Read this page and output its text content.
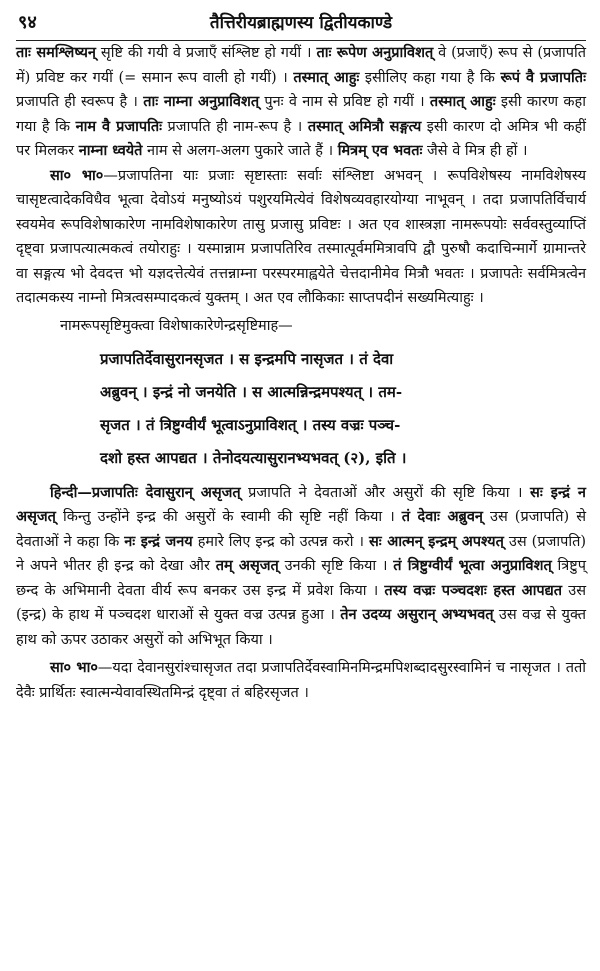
९४	तैत्तिरीयब्राह्मणस्य द्वितीयकाण्डे

ताः समश्लिष्यन् सृष्टि की गयी वे प्रजाएँ संश्लिष्ट हो गयीं । ताः रूपेण अनुप्राविशत् वे (प्रजाएँ) रूप से (प्रजापति में) प्रविष्ट कर गयीं (= समान रूप वाली हो गयीं) । तस्मात् आहुः इसीलिए कहा गया है कि रूपं वै प्रजापतिः प्रजापति ही स्वरूप है । ताः नाम्ना अनुप्राविशत् पुनः वे नाम से प्रविष्ट हो गयीं । तस्मात् आहुः इसी कारण कहा गया है कि नाम वै प्रजापतिः प्रजापति ही नाम-रूप है । तस्मात् अमित्रौ सङ्गत्य इसी कारण दो अमित्र भी कहीं पर मिलकर नाम्ना ध्वयेते नाम से अलग-अलग पुकारे जाते हैं । मित्रम् एव भवतः जैसे वे मित्र ही हों ।

सा० भा०—प्रजापतिना याः प्रजाः सृष्टास्ताः सर्वाः संश्लिष्टा अभवन् । रूपविशेषस्य नामविशेषस्य चासृष्टत्वादेकविधैव भूत्वा देवोऽयं मनुष्योऽयं पशुरयमित्येवं विशेषव्यवहारयोग्या नाभूवन् । तदा प्रजापतिर्विचार्य स्वयमेव रूपविशेषाकारेण नामविशेषाकारेण तासु प्रजासु प्रविष्टः । अत एव शास्त्रज्ञा नामरूपयोः सर्ववस्तुव्याप्तिं दृष्ट्वा प्रजापत्यात्मकत्वं तयोराहुः । यस्मान्नाम प्रजापतिरिव तस्मात्पूर्वममित्रावपि द्वौ पुरुषौ कदाचिन्मार्गे ग्रामान्तरे वा सङ्गत्य भो देवदत्त भो यज्ञदत्तेत्येवं तत्तन्नाम्ना परस्परमाह्वयेते चेत्तदानीमेव मित्रौ भवतः । प्रजापतेः सर्वमित्रत्वेन तदात्मकस्य नाम्नो मित्रत्वसम्पादकत्वं युक्तम् । अत एव लौकिकाः साप्तपदीनं सख्यमित्याहुः ।

नामरूपसृष्टिमुक्त्वा विशेषाकारेणेन्द्रसृष्टिमाह—
प्रजापतिर्देवासुरानसृजत । स इन्द्रमपि नासृजत । तं देवा
अब्रुवन् । इन्द्रं नो जनयेति । स आत्मन्निन्द्रमपश्यत् । तम-
सृजत । तं त्रिष्टुग्वीर्यं भूत्वाऽनुप्राविशत् । तस्य वज्रः पञ्च-
दशो हस्त आपद्यत । तेनोदयत्यासुरानभ्यभवत् (२), इति ।

हिन्दी—प्रजापतिः देवासुरान् असृजत् प्रजापति ने देवताओं और असुरों की सृष्टि किया । सः इन्द्रं न असृजत् किन्तु उन्होंने इन्द्र की असुरों के स्वामी की सृष्टि नहीं किया । तं देवाः अब्रुवन् उस (प्रजापति) से देवताओं ने कहा कि नः इन्द्रं जनय हमारे लिए इन्द्र को उत्पन्न करो । सः आत्मन् इन्द्रम् अपश्यत् उस (प्रजापति) ने अपने भीतर ही इन्द्र को देखा और तम् असृजत् उनकी सृष्टि किया । तं त्रिष्टुग्वीर्यं भूत्वा अनुप्राविशत् त्रिष्टुप् छन्द के अभिमानी देवता वीर्य रूप बनकर उस इन्द्र में प्रवेश किया । तस्य वज्रः पञ्चदशः हस्त आपद्यत उस (इन्द्र) के हाथ में पञ्चदश धाराओं से युक्त वज्र उत्पन्न हुआ । तेन उदय्य असुरान् अभ्यभवत् उस वज्र से युक्त हाथ को ऊपर उठाकर असुरों को अभिभूत किया ।

सा० भा०—यदा देवानसुरांश्चासृजत तदा प्रजापतिर्देवस्वामिनमिन्द्रमपिशब्दादसुरस्वामिनं च नासृजत । ततो देवैः प्रार्थितः स्वात्मन्येवावस्थितमिन्द्रं दृष्ट्वा तं बहिरसृजत ।
